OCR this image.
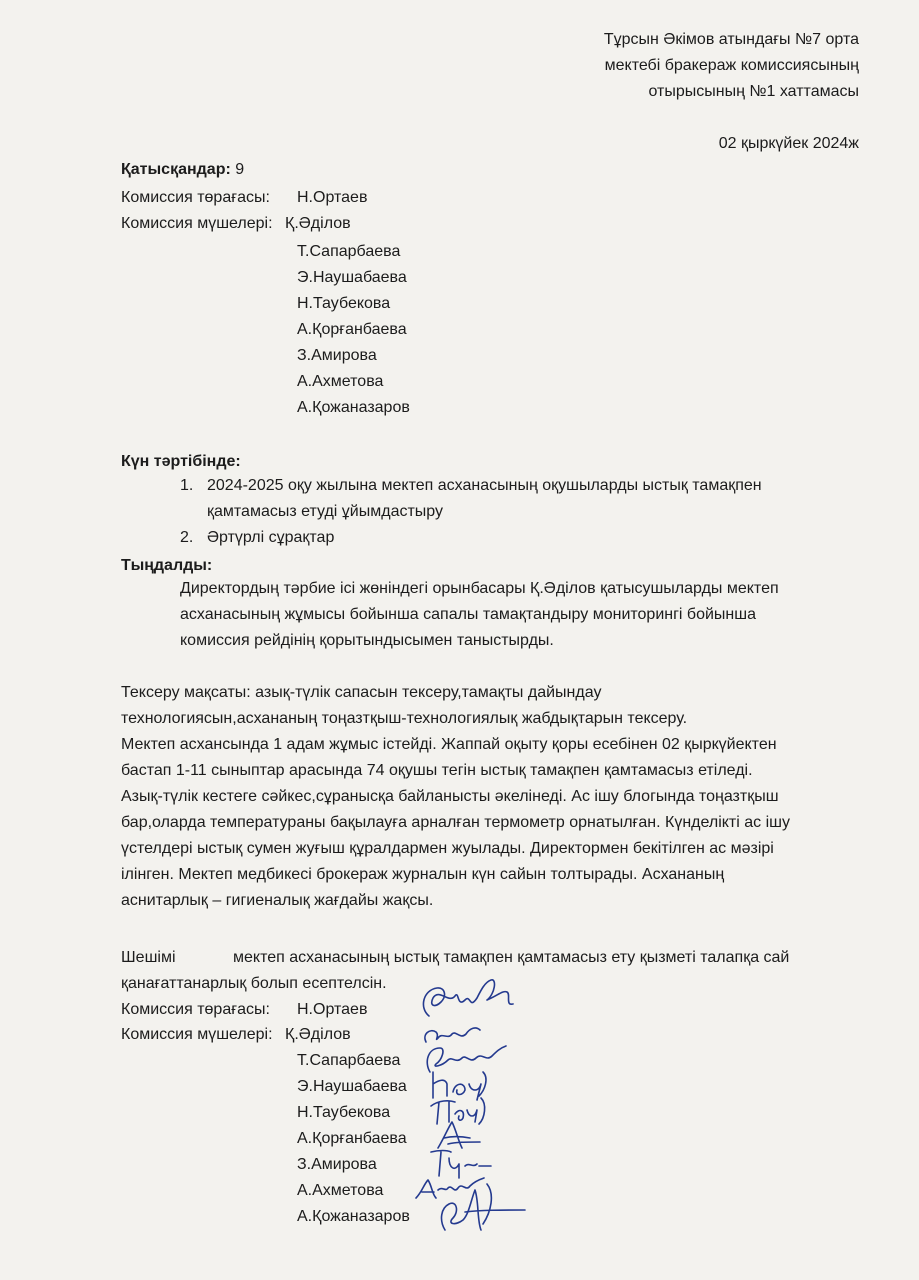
Тұрсын Әкімов атындағы №7 орта
мектебі бракераж комиссиясының
отырысының №1 хаттамасы
02 қыркүйек 2024ж
Қатысқандар: 9
Комиссия төрағасы: Н.Ортаев
Комиссия мүшелері: Қ.Әділов
Т.Сапарбаева
Э.Наушабаева
Н.Таубекова
А.Қорғанбаева
З.Амирова
А.Ахметова
А.Қожаназаров
Күн тәртібінде:
1. 2024-2025 оқу жылына мектеп асханасының оқушыларды ыстық тамақпен
қамтамасыз етуді ұйымдастыру
2. Әртүрлі сұрақтар
Тыңдалды:
Директордың тәрбие ісі жөніндегі орынбасары Қ.Әділов қатысушыларды мектеп
асханасының жұмысы бойынша сапалы тамақтандыру мониторингі бойынша
комиссия рейдінің қорытындысымен таныстырды.
Тексеру мақсаты: азық-түлік сапасын тексеру,тамақты дайындау
технологиясын,асхананың тоңазтқыш-технологиялық жабдықтарын тексеру.
Мектеп асхансында 1 адам жұмыс істейді. Жаппай оқыту қоры есебінен 02 қыркүйектен
бастап 1-11 сыныптар арасында 74 оқушы тегін ыстық тамақпен қамтамасыз етіледі.
Азық-түлік кестеге сәйкес,сұранысқа байланысты әкелінеді. Ас ішу блогында тоңазтқыш
бар,оларда температураны бақылауға арналған термометр орнатылған. Күнделікті ас ішу
үстелдері ыстық сумен жуғыш құралдармен жуылады. Директормен бекітілген ас мәзірі
ілінген. Мектеп медбикесі брокераж журналын күн сайын толтырады. Асхананың
аснитарлық – гигиеналық жағдайы жақсы.
Шешімі	мектеп асханасының ыстық тамақпен қамтамасыз ету қызметі талапқа сай
қанағаттанарлық болып есептелсін.
Комиссия төрағасы: Н.Ортаев
Комиссия мүшелері: Қ.Әділов
Т.Сапарбаева
Э.Наушабаева
Н.Таубекова
А.Қорғанбаева
З.Амирова
А.Ахметова
А.Қожаназаров
